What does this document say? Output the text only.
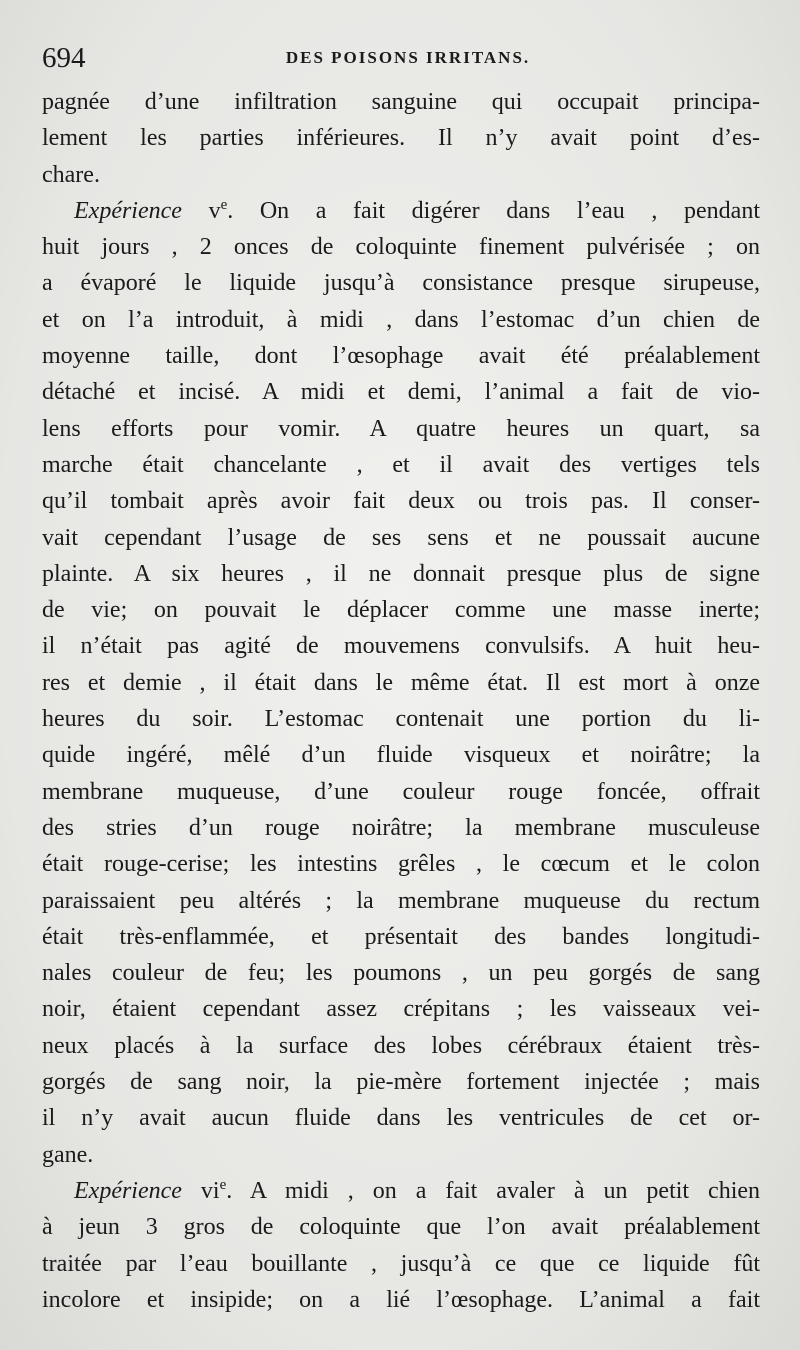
694	DES POISONS IRRITANS.
pagnée d’une infiltration sanguine qui occupait principa-
lement les parties inférieures. Il n’y avait point d’es-
chare.
Expérience $v^e$. On a fait digérer dans l’eau , pendant
huit jours , 2 onces de coloquinte finement pulvérisée ; on
a évaporé le liquide jusqu’à consistance presque sirupeuse,
et on l’a introduit, à midi , dans l’estomac d’un chien de
moyenne taille, dont l’œsophage avait été préalablement
détaché et incisé. A midi et demi, l’animal a fait de vio-
lens efforts pour vomir. A quatre heures un quart, sa
marche était chancelante , et il avait des vertiges tels
qu’il tombait après avoir fait deux ou trois pas. Il conser-
vait cependant l’usage de ses sens et ne poussait aucune
plainte. A six heures , il ne donnait presque plus de signe
de vie; on pouvait le déplacer comme une masse inerte;
il n’était pas agité de mouvemens convulsifs. A huit heu-
res et demie , il était dans le même état. Il est mort à onze
heures du soir. L’estomac contenait une portion du li-
quide ingéré, mêlé d’un fluide visqueux et noirâtre; la
membrane muqueuse, d’une couleur rouge foncée, offrait
des stries d’un rouge noirâtre; la membrane musculeuse
était rouge-cerise; les intestins grêles , le cœcum et le colon
paraissaient peu altérés ; la membrane muqueuse du rectum
était très-enflammée, et présentait des bandes longitudi-
nales couleur de feu; les poumons , un peu gorgés de sang
noir, étaient cependant assez crépitans ; les vaisseaux vei-
neux placés à la surface des lobes cérébraux étaient très-
gorgés de sang noir, la pie-mère fortement injectée ; mais
il n’y avait aucun fluide dans les ventricules de cet or-
gane.
Expérience $vi^e$. A midi , on a fait avaler à un petit chien
à jeun 3 gros de coloquinte que l’on avait préalablement
traitée par l’eau bouillante , jusqu’à ce que ce liquide fût
incolore et insipide; on a lié l’œsophage. L’animal a fait
